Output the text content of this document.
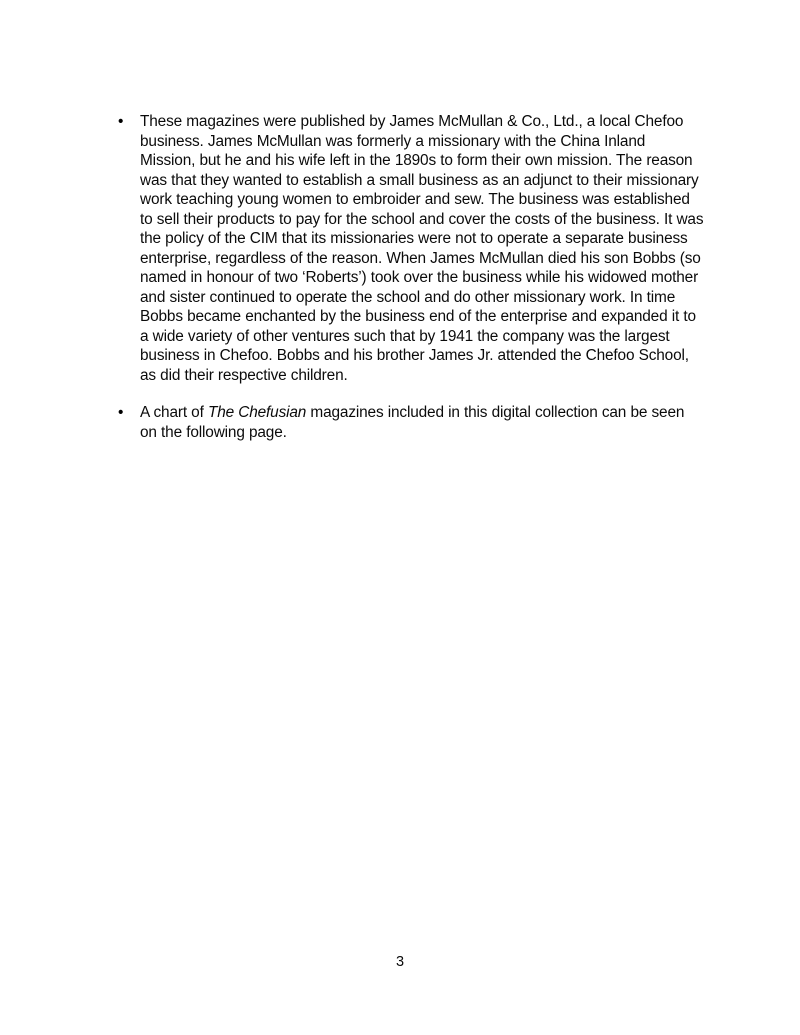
•	These magazines were published by James McMullan & Co., Ltd., a local Chefoo business. James McMullan was formerly a missionary with the China Inland Mission, but he and his wife left in the 1890s to form their own mission. The reason was that they wanted to establish a small business as an adjunct to their missionary work teaching young women to embroider and sew. The business was established to sell their products to pay for the school and cover the costs of the business. It was the policy of the CIM that its missionaries were not to operate a separate business enterprise, regardless of the reason. When James McMullan died his son Bobbs (so named in honour of two ‘Roberts’) took over the business while his widowed mother and sister continued to operate the school and do other missionary work. In time Bobbs became enchanted by the business end of the enterprise and expanded it to a wide variety of other ventures such that by 1941 the company was the largest business in Chefoo. Bobbs and his brother James Jr. attended the Chefoo School, as did their respective children.
•	A chart of The Chefusian magazines included in this digital collection can be seen on the following page.
3
